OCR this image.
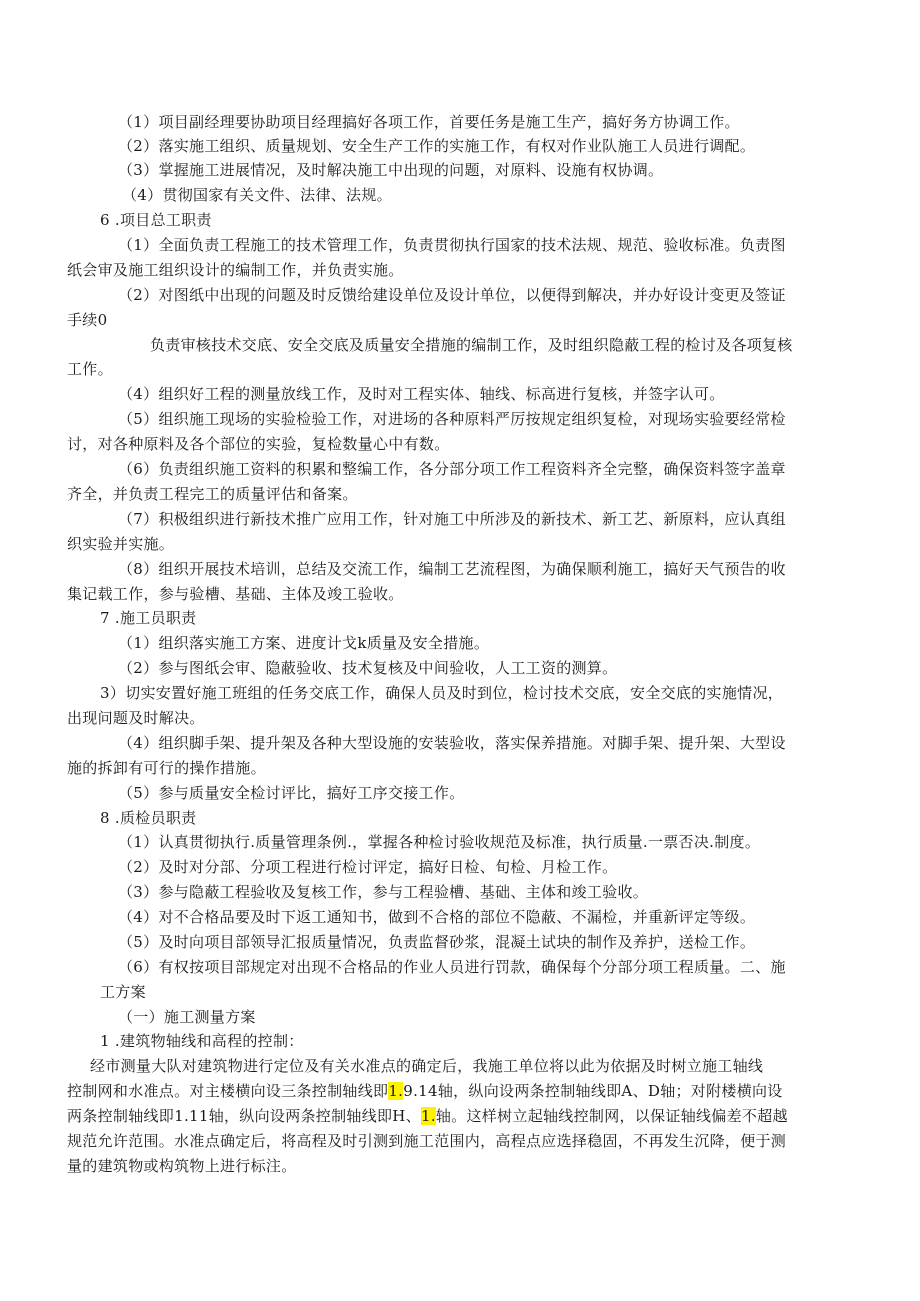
（1）项目副经理要协助项目经理搞好各项工作，首要任务是施工生产，搞好务方协调工作。
（2）落实施工组织、质量规划、安全生产工作的实施工作，有权对作业队施工人员进行调配。
（3）掌握施工进展情况，及时解决施工中出现的问题，对原料、设施有权协调。
（4）贯彻国家有关文件、法律、法规。
6 .项目总工职责
（1）全面负责工程施工的技术管理工作，负责贯彻执行国家的技术法规、规范、验收标准。负责图
纸会审及施工组织设计的编制工作，并负责实施。
（2）对图纸中出现的问题及时反馈给建设单位及设计单位，以便得到解决，并办好设计变更及签证
手续0
负责审核技术交底、安全交底及质量安全措施的编制工作，及时组织隐蔽工程的检讨及各项复核
工作。
（4）组织好工程的测量放线工作，及时对工程实体、轴线、标高进行复核，并签字认可。
（5）组织施工现场的实验检验工作，对进场的各种原料严厉按规定组织复检，对现场实验要经常检
讨，对各种原料及各个部位的实验，复检数量心中有数。
（6）负责组织施工资料的积累和整编工作，各分部分项工作工程资料齐全完整，确保资料签字盖章
齐全，并负责工程完工的质量评估和备案。
（7）积极组织进行新技术推广应用工作，针对施工中所涉及的新技术、新工艺、新原料，应认真组
织实验并实施。
（8）组织开展技术培训，总结及交流工作，编制工艺流程图，为确保顺利施工，搞好天气预告的收
集记载工作，参与验槽、基础、主体及竣工验收。
7 .施工员职责
（1）组织落实施工方案、进度计戈k质量及安全措施。
（2）参与图纸会审、隐蔽验收、技术复核及中间验收，人工工资的测算。
3）切实安置好施工班组的任务交底工作，确保人员及时到位，检讨技术交底，安全交底的实施情况，
出现问题及时解决。
（4）组织脚手架、提升架及各种大型设施的安装验收，落实保养措施。对脚手架、提升架、大型设
施的拆卸有可行的操作措施。
（5）参与质量安全检讨评比，搞好工序交接工作。
8 .质检员职责
（1）认真贯彻执行.质量管理条例.，掌握各种检讨验收规范及标准，执行质量.一票否决.制度。
（2）及时对分部、分项工程进行检讨评定，搞好日检、旬检、月检工作。
（3）参与隐蔽工程验收及复核工作，参与工程验槽、基础、主体和竣工验收。
（4）对不合格品要及时下返工通知书，做到不合格的部位不隐蔽、不漏检，并重新评定等级。
（5）及时向项目部领导汇报质量情况，负责监督砂浆，混凝土试块的制作及养护，送检工作。
（6）有权按项目部规定对出现不合格品的作业人员进行罚款，确保每个分部分项工程质量。二、施
工方案
（一）施工测量方案
1 .建筑物轴线和高程的控制：
经市测量大队对建筑物进行定位及有关水准点的确定后，我施工单位将以此为依据及时树立施工轴线
控制网和水准点。对主楼横向设三条控制轴线即1.9.14轴，纵向设两条控制轴线即A、D轴；对附楼横向设
两条控制轴线即1.11轴，纵向设两条控制轴线即H、1.轴。这样树立起轴线控制网，以保证轴线偏差不超越
规范允许范围。水准点确定后，将高程及时引测到施工范围内，高程点应选择稳固，不再发生沉降，便于测
量的建筑物或构筑物上进行标注。
